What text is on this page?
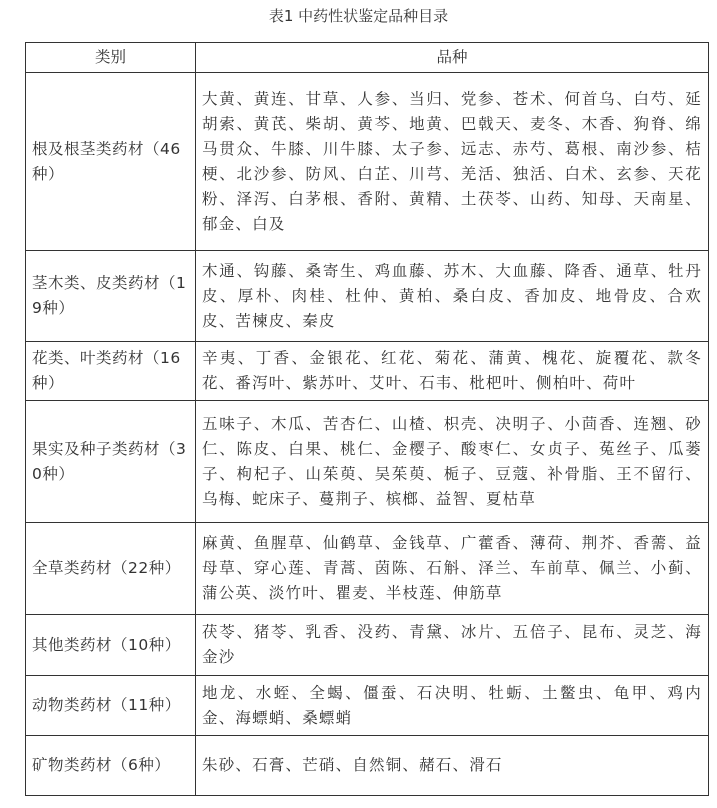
表1 中药性状鉴定品种目录
类别	品种
根及根茎类药材（46种）	大黄、黄连、甘草、人参、当归、党参、苍术、何首乌、白芍、延胡索、黄芪、柴胡、黄芩、地黄、巴戟天、麦冬、木香、狗脊、绵马贯众、牛膝、川牛膝、太子参、远志、赤芍、葛根、南沙参、桔梗、北沙参、防风、白芷、川芎、羌活、独活、白术、玄参、天花粉、泽泻、白茅根、香附、黄精、土茯苓、山药、知母、天南星、郁金、白及
茎木类、皮类药材（19种）	木通、钩藤、桑寄生、鸡血藤、苏木、大血藤、降香、通草、牡丹皮、厚朴、肉桂、杜仲、黄柏、桑白皮、香加皮、地骨皮、合欢皮、苦楝皮、秦皮
花类、叶类药材（16种）	辛夷、丁香、金银花、红花、菊花、蒲黄、槐花、旋覆花、款冬花、番泻叶、紫苏叶、艾叶、石韦、枇杷叶、侧柏叶、荷叶
果实及种子类药材（30种）	五味子、木瓜、苦杏仁、山楂、枳壳、决明子、小茴香、连翘、砂仁、陈皮、白果、桃仁、金樱子、酸枣仁、女贞子、菟丝子、瓜蒌子、枸杞子、山茱萸、吴茱萸、栀子、豆蔻、补骨脂、王不留行、乌梅、蛇床子、蔓荆子、槟榔、益智、夏枯草
全草类药材（22种）	麻黄、鱼腥草、仙鹤草、金钱草、广藿香、薄荷、荆芥、香薷、益母草、穿心莲、青蒿、茵陈、石斛、泽兰、车前草、佩兰、小蓟、蒲公英、淡竹叶、瞿麦、半枝莲、伸筋草
其他类药材（10种）	茯苓、猪苓、乳香、没药、青黛、冰片、五倍子、昆布、灵芝、海金沙
动物类药材（11种）	地龙、水蛭、全蝎、僵蚕、石决明、牡蛎、土鳖虫、龟甲、鸡内金、海螵蛸、桑螵蛸
矿物类药材（6种）	朱砂、石膏、芒硝、自然铜、赭石、滑石
